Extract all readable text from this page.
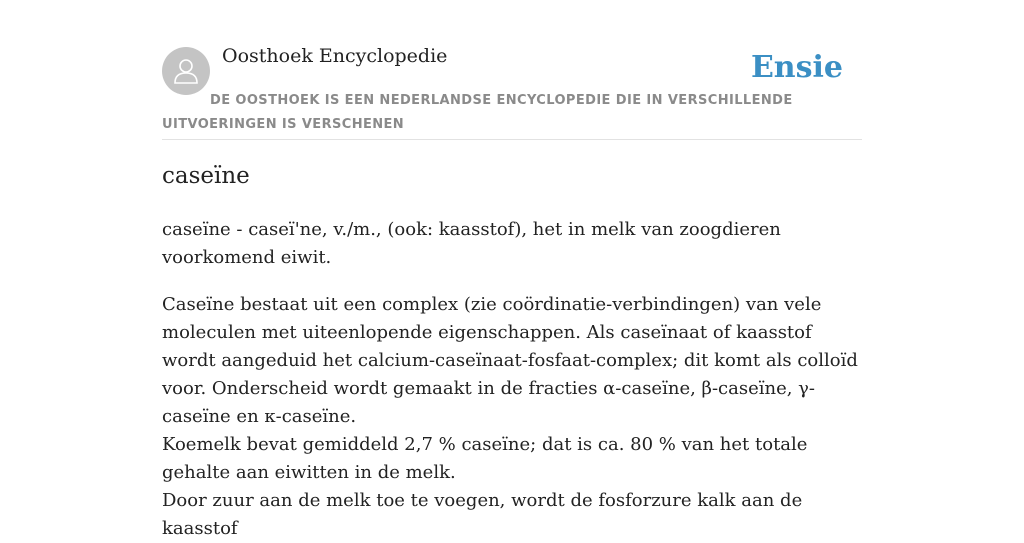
Oosthoek Encyclopedie	Ensie

DE OOSTHOEK IS EEN NEDERLANDSE ENCYCLOPEDIE DIE IN VERSCHILLENDE UITVOERINGEN IS VERSCHENEN

caseïne

caseïne - caseï'ne, v./m., (ook: kaasstof), het in melk van zoogdieren voorkomend eiwit.

Caseïne bestaat uit een complex (zie coördinatie-verbindingen) van vele moleculen met uiteenlopende eigenschappen. Als caseïnaat of kaasstof wordt aangeduid het calcium-caseïnaat-fosfaat-complex; dit komt als colloïd voor. Onderscheid wordt gemaakt in de fracties α-caseïne, β-caseïne, γ-caseïne en κ-caseïne.
Koemelk bevat gemiddeld 2,7 % caseïne; dat is ca. 80 % van het totale gehalte aan eiwitten in de melk.
Door zuur aan de melk toe te voegen, wordt de fosforzure kalk aan de kaasstof
